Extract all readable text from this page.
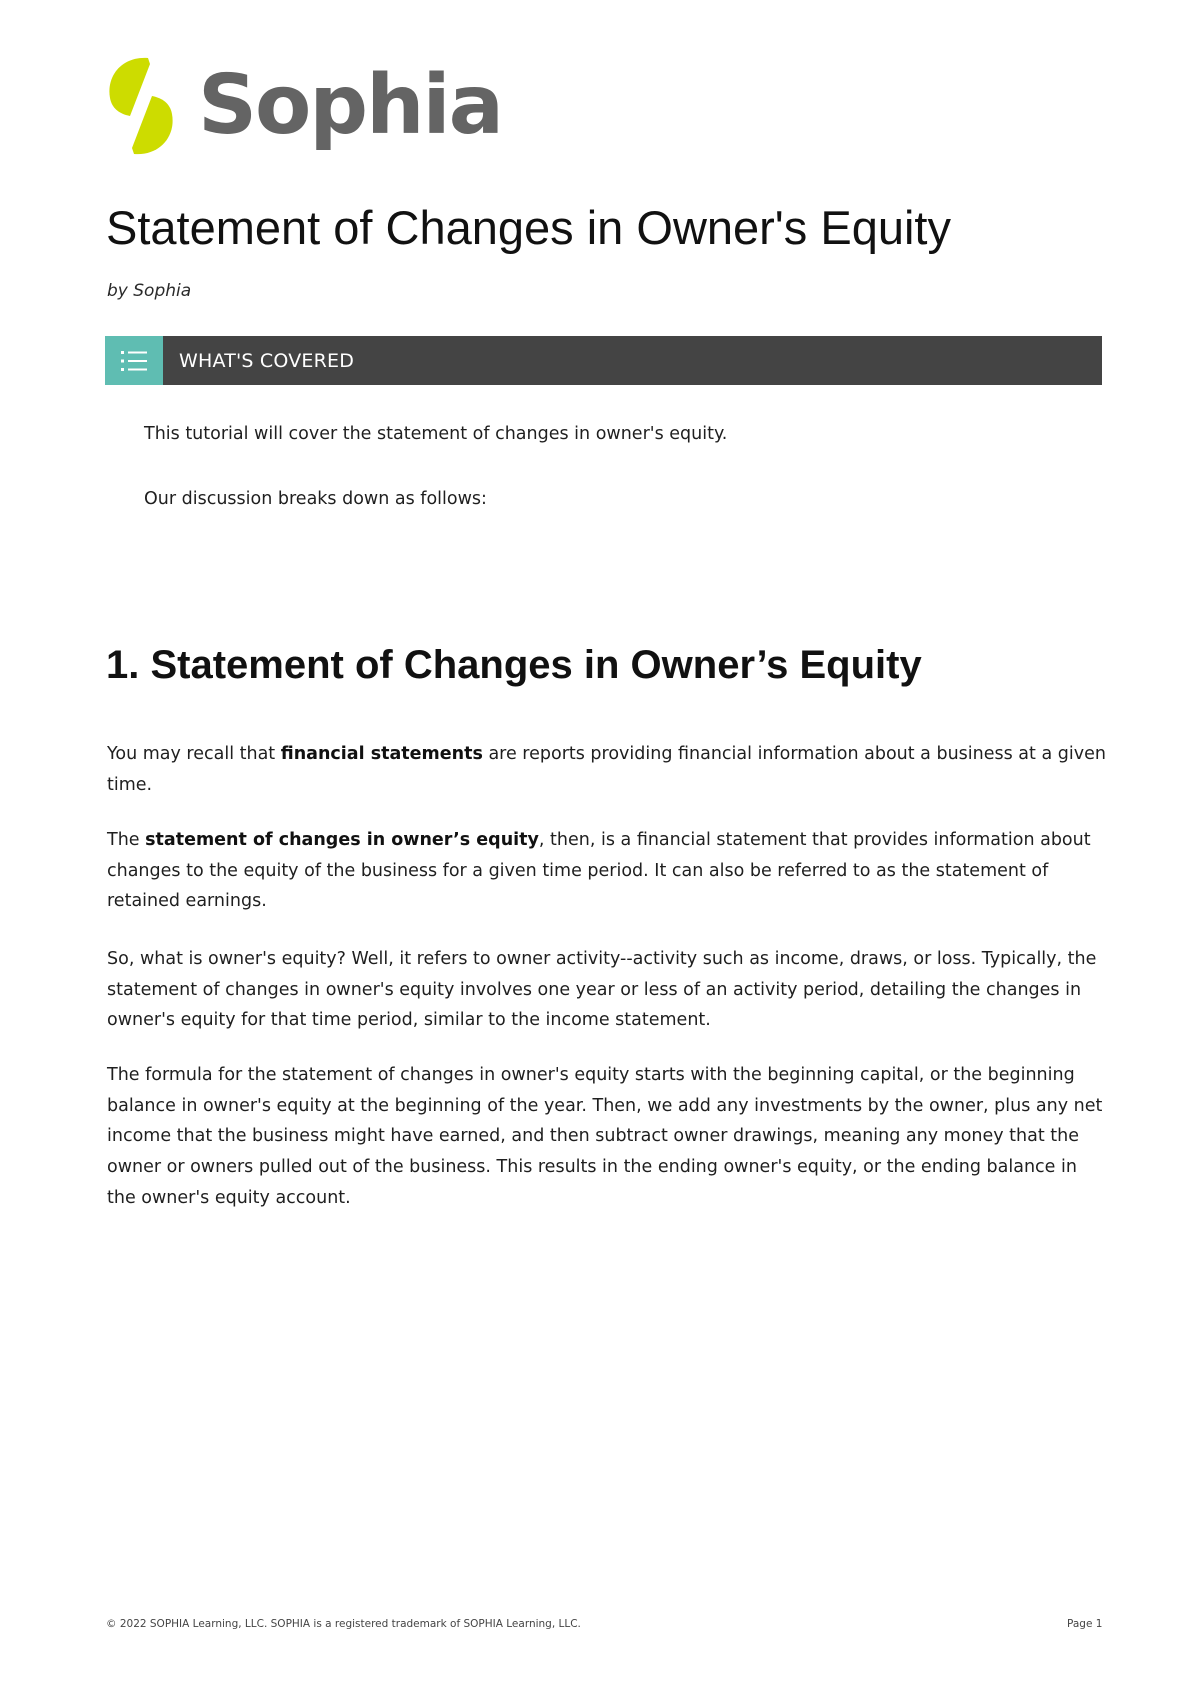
Sophia
Statement of Changes in Owner's Equity
by Sophia
WHAT'S COVERED
This tutorial will cover the statement of changes in owner's equity.
Our discussion breaks down as follows:
1. Statement of Changes in Owner’s Equity

You may recall that financial statements are reports providing financial information about a business at a given time.

The statement of changes in owner’s equity, then, is a financial statement that provides information about changes to the equity of the business for a given time period. It can also be referred to as the statement of retained earnings.

So, what is owner's equity? Well, it refers to owner activity--activity such as income, draws, or loss. Typically, the statement of changes in owner's equity involves one year or less of an activity period, detailing the changes in owner's equity for that time period, similar to the income statement.

The formula for the statement of changes in owner's equity starts with the beginning capital, or the beginning balance in owner's equity at the beginning of the year. Then, we add any investments by the owner, plus any net income that the business might have earned, and then subtract owner drawings, meaning any money that the owner or owners pulled out of the business. This results in the ending owner's equity, or the ending balance in the owner's equity account.

© 2022 SOPHIA Learning, LLC. SOPHIA is a registered trademark of SOPHIA Learning, LLC.	Page 1
